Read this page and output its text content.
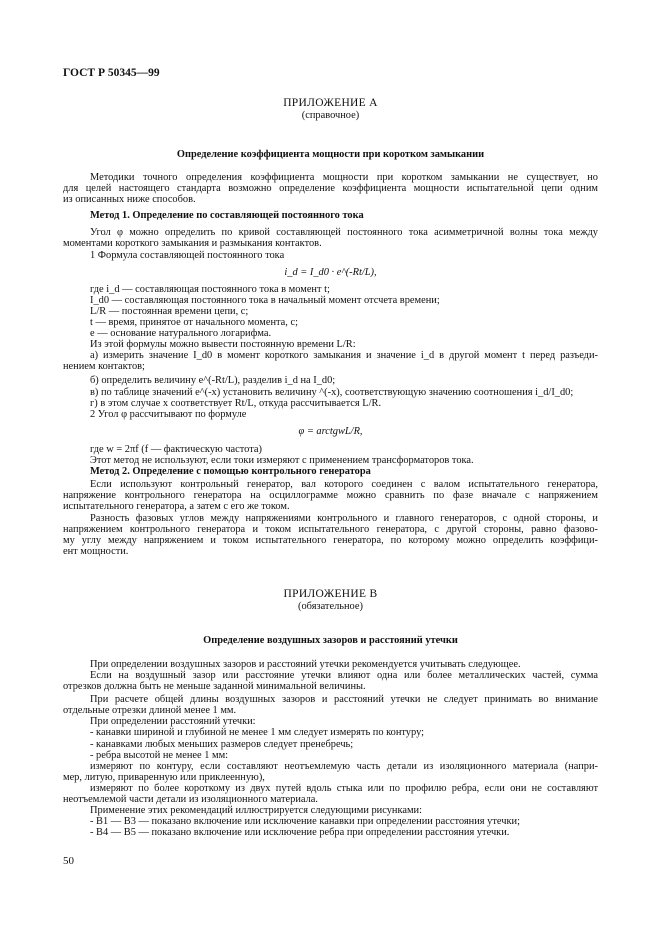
ГОСТ Р 50345—99
ПРИЛОЖЕНИЕ А
(справочное)
Определение коэффициента мощности при коротком замыкании
Методики точного определения коэффициента мощности при коротком замыкании не существует, но
для целей настоящего стандарта возможно определение коэффициента мощности испытательной цепи одним
из описанных ниже способов.
Метод 1. Определение по составляющей постоянного тока
Угол φ можно определить по кривой составляющей постоянного тока асимметричной волны тока между
моментами короткого замыкания и размыкания контактов.
1 Формула составляющей постоянного тока
i_d = I_d0 · e^(-Rt/L),
где i_d — составляющая постоянного тока в момент t;
I_d0 — составляющая постоянного тока в начальный момент отсчета времени;
L/R — постоянная времени цепи, с;
t — время, принятое от начального момента, с;
е — основание натурального логарифма.
Из этой формулы можно вывести постоянную времени L/R:
а) измерить значение I_d0 в момент короткого замыкания и значение i_d в другой момент t перед разъеди-
нением контактов;
б) определить величину e^(-Rt/L), разделив i_d на I_d0;
в) по таблице значений e^(-x) установить величину ^(-x), соответствующую значению соотношения i_d/I_d0;
г) в этом случае x соответствует Rt/L, откуда рассчитывается L/R.
2 Угол φ рассчитывают по формуле
φ = arctgwL/R,
где w = 2πf (f — фактическую частота)
Этот метод не используют, если токи измеряют с применением трансформаторов тока.
Метод 2. Определение с помощью контрольного генератора
Если используют контрольный генератор, вал которого соединен с валом испытательного генератора,
напряжение контрольного генератора на осциллограмме можно сравнить по фазе вначале с напряжением
испытательного генератора, а затем с его же током.
Разность фазовых углов между напряжениями контрольного и главного генераторов, с одной стороны, и
напряжением контрольного генератора и током испытательного генератора, с другой стороны, равно фазово-
му углу между напряжением и током испытательного генератора, по которому можно определить коэффици-
ент мощности.
ПРИЛОЖЕНИЕ В
(обязательное)
Определение воздушных зазоров и расстояний утечки
При определении воздушных зазоров и расстояний утечки рекомендуется учитывать следующее.
Если на воздушный зазор или расстояние утечки влияют одна или более металлических частей, сумма
отрезков должна быть не меньше заданной минимальной величины.
При расчете общей длины воздушных зазоров и расстояний утечки не следует принимать во внимание
отдельные отрезки длиной менее 1 мм.
При определении расстояний утечки:
- канавки шириной и глубиной не менее 1 мм следует измерять по контуру;
- канавками любых меньших размеров следует пренебречь;
- ребра высотой не менее 1 мм:
измеряют по контуру, если составляют неотъемлемую часть детали из изоляционного материала (напри-
мер, литую, приваренную или приклеенную),
измеряют по более короткому из двух путей вдоль стыка или по профилю ребра, если они не составляют
неотъемлемой части детали из изоляционного материала.
Применение этих рекомендаций иллюстрируется следующими рисунками:
- B1 — B3 — показано включение или исключение канавки при определении расстояния утечки;
- B4 — B5 — показано включение или исключение ребра при определении расстояния утечки.
50
